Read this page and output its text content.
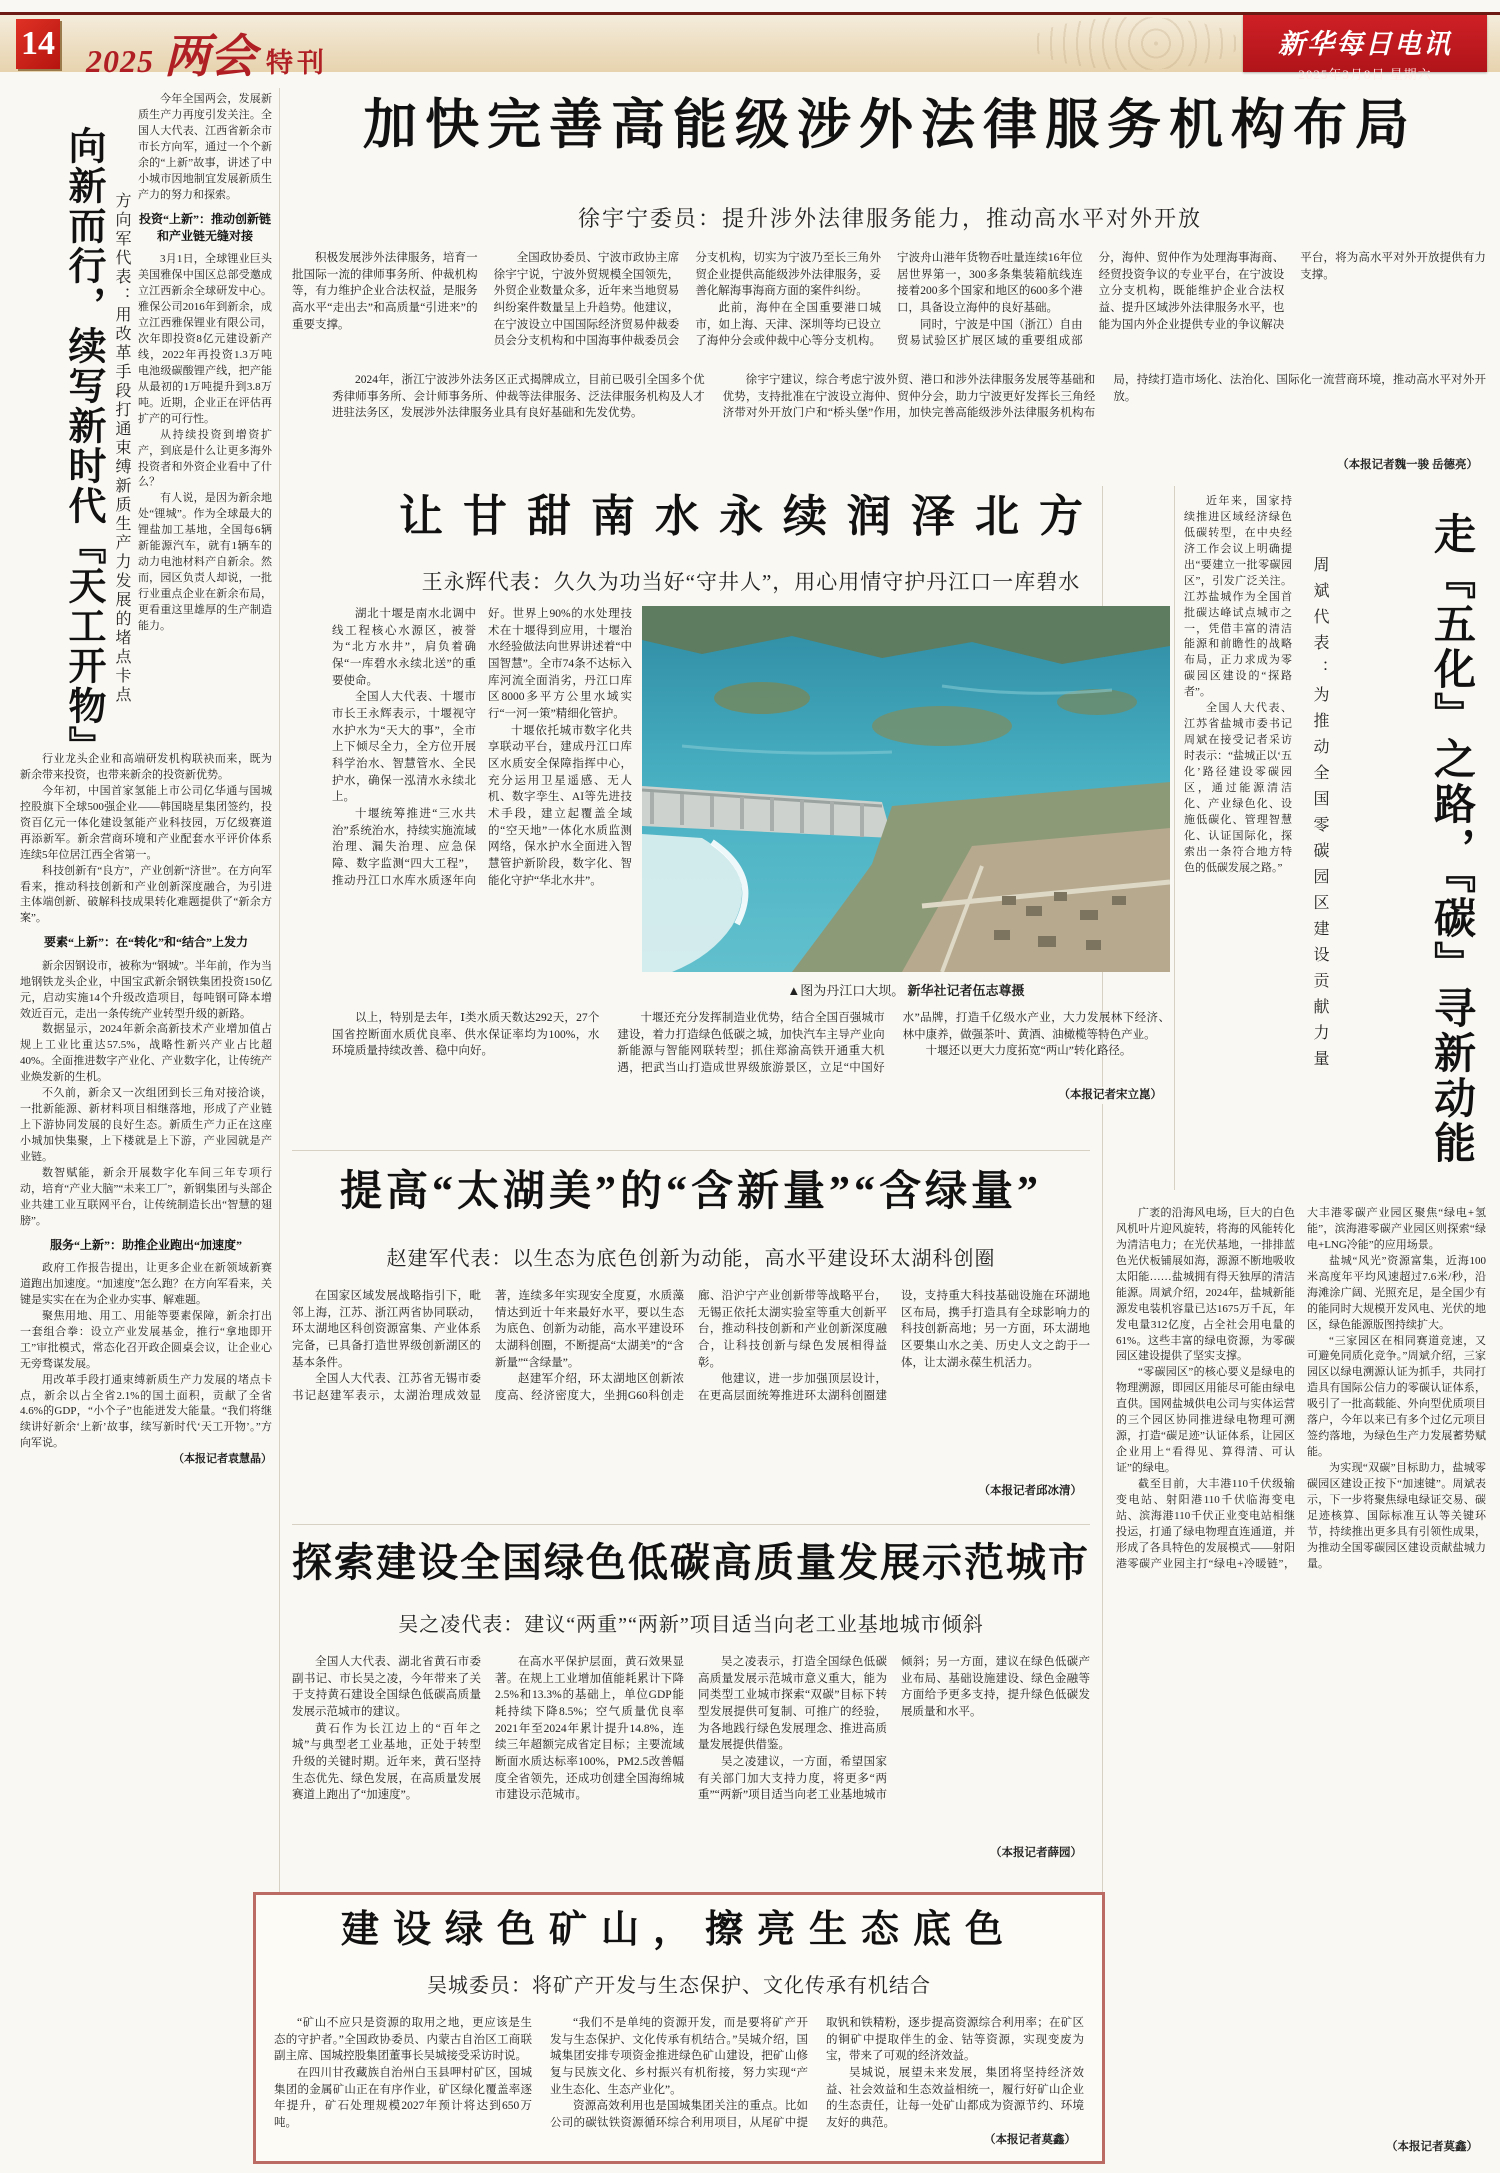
14 2025 两会 特刊
新华每日电讯
2025年3月8日 星期六
向新而行，续写新时代『天工开物』 方向军代表：用改革手段打通束缚新质生产力发展的堵点卡点

今年全国两会，发展新质生产力再度引发关注。全国人大代表、江西省新余市市长方向军，通过一个个新余的“上新”故事，讲述了中小城市因地制宜发展新质生产力的努力和探索。

投资“上新”：推动创新链和产业链无缝对接

3月1日，全球锂业巨头美国雅保中国区总部受邀成立江西新余全球研发中心。雅保公司2016年到新余，成立江西雅保锂业有限公司，次年即投资8亿元建设新产线，2022年再投资1.3万吨电池级碳酸锂产线，把产能从最初的1万吨提升到3.8万吨。近期，企业正在评估再扩产的可行性。

从持续投资到增资扩产，到底是什么让更多海外投资者和外资企业看中了什么？

有人说，是因为新余地处“锂城”。作为全球最大的锂盐加工基地，全国每6辆新能源汽车，就有1辆车的动力电池材料产自新余。然而，园区负责人却说，一批行业重点企业在新余布局，更看重这里雄厚的生产制造能力。

行业龙头企业和高端研发机构联袂而来，既为新余带来投资，也带来新余的投资新优势。

今年初，中国首家氢能上市公司亿华通与国城控股旗下全球500强企业——韩国晓星集团签约，投资百亿元一体化建设氢能产业科技园，万亿级赛道再添新军。新余营商环境和产业配套水平评价体系连续5年位居江西全省第一。

科技创新有“良方”，产业创新“济世”。在方向军看来，推动科技创新和产业创新深度融合，为引进主体端创新、破解科技成果转化难题提供了“新余方案”。

要素“上新”：在“转化”和“结合”上发力

新余因钢设市，被称为“钢城”。半年前，作为当地钢铁龙头企业，中国宝武新余钢铁集团投资150亿元，启动实施14个升级改造项目，每吨钢可降本增效近百元，走出一条传统产业转型升级的新路。

数据显示，2024年新余高新技术产业增加值占规上工业比重达57.5%，战略性新兴产业占比超40%。全面推进数字产业化、产业数字化，让传统产业焕发新的生机。

不久前，新余又一次组团到长三角对接洽谈，一批新能源、新材料项目相继落地，形成了产业链上下游协同发展的良好生态。新质生产力正在这座小城加快集聚，上下楼就是上下游，产业园就是产业链。

数智赋能，新余开展数字化车间三年专项行动，培育“产业大脑”“未来工厂”，新钢集团与头部企业共建工业互联网平台，让传统制造长出“智慧的翅膀”。

服务“上新”：助推企业跑出“加速度”

政府工作报告提出，让更多企业在新领域新赛道跑出加速度。“加速度”怎么跑？在方向军看来，关键是实实在在为企业办实事、解难题。

聚焦用地、用工、用能等要素保障，新余打出一套组合拳：设立产业发展基金，推行“拿地即开工”审批模式，常态化召开政企圆桌会议，让企业心无旁骛谋发展。

用改革手段打通束缚新质生产力发展的堵点卡点，新余以占全省2.1%的国土面积，贡献了全省4.6%的GDP，“小个子”也能迸发大能量。“我们将继续讲好新余‘上新’故事，续写新时代‘天工开物’。”方向军说。

（本报记者袁慧晶）

加快完善高能级涉外法律服务机构布局
徐宇宁委员：提升涉外法律服务能力，推动高水平对外开放

积极发展涉外法律服务，培育一批国际一流的律师事务所、仲裁机构等，有力维护企业合法权益，是服务高水平“走出去”和高质量“引进来”的重要支撑。

全国政协委员、宁波市政协主席徐宇宁说，宁波外贸规模全国领先，外贸企业数量众多，近年来当地贸易纠纷案件数量呈上升趋势。他建议，在宁波设立中国国际经济贸易仲裁委员会分支机构和中国海事仲裁委员会分支机构，切实为宁波乃至长三角外贸企业提供高能级涉外法律服务，妥善化解海事海商方面的案件纠纷。

此前，海仲在全国重要港口城市，如上海、天津、深圳等均已设立了海仲分会或仲裁中心等分支机构。宁波舟山港年货物吞吐量连续16年位居世界第一，300多条集装箱航线连接着200多个国家和地区的600多个港口，具备设立海仲的良好基础。

同时，宁波是中国（浙江）自由贸易试验区扩展区域的重要组成部分，海仲、贸仲作为处理海事海商、经贸投资争议的专业平台，在宁波设立分支机构，既能维护企业合法权益、提升区域涉外法律服务水平，也能为国内外企业提供专业的争议解决平台，将为高水平对外开放提供有力支撑。

2024年，浙江宁波涉外法务区正式揭牌成立，目前已吸引全国多个优秀律师事务所、会计师事务所、仲裁等法律服务、泛法律服务机构及人才进驻法务区，发展涉外法律服务业具有良好基础和先发优势。

徐宇宁建议，综合考虑宁波外贸、港口和涉外法律服务发展等基础和优势，支持批准在宁波设立海仲、贸仲分会，助力宁波更好发挥长三角经济带对外开放门户和“桥头堡”作用，加快完善高能级涉外法律服务机构布局，持续打造市场化、法治化、国际化一流营商环境，推动高水平对外开放。

（本报记者魏一骏 岳德亮）
让甘甜南水永续润泽北方
王永辉代表：久久为功当好“守井人”，用心用情守护丹江口一库碧水

湖北十堰是南水北调中线工程核心水源区，被誉为“北方水井”，肩负着确保“一库碧水永续北送”的重要使命。

全国人大代表、十堰市市长王永辉表示，十堰视守水护水为“天大的事”，全市上下倾尽全力，全方位开展科学治水、智慧管水、全民护水，确保一泓清水永续北上。

十堰统筹推进“三水共治”系统治水，持续实施流域治理、漏失治理、应急保障、数字监测“四大工程”，推动丹江口水库水质逐年向好。世界上90%的水处理技术在十堰得到应用，十堰治水经验做法向世界讲述着“中国智慧”。全市74条不达标入库河流全面消劣，丹江口库区8000多平方公里水域实行“一河一策”精细化管护。

十堰依托城市数字化共享联动平台，建成丹江口库区水质安全保障指挥中心，充分运用卫星遥感、无人机、数字孪生、AI等先进技术手段，建立起覆盖全域的“空天地”一体化水质监测网络，保水护水全面进入智慧管护新阶段，数字化、智能化守护“华北水井”。

▲图为丹江口大坝。 新华社记者伍志尊摄

以上，特别是去年，Ⅰ类水质天数达292天，27个国省控断面水质优良率、供水保证率均为100%，水环境质量持续改善、稳中向好。

十堰还充分发挥制造业优势，结合全国百强城市建设，着力打造绿色低碳之城，加快汽车主导产业向新能源与智能网联转型；抓住郑渝高铁开通重大机遇，把武当山打造成世界级旅游景区，立足“中国好水”品牌，打造千亿级水产业，大力发展林下经济、林中康养，做强茶叶、黄酒、油橄榄等特色产业。

十堰还以更大力度拓宽“两山”转化路径。

（本报记者宋立崑）
提高“太湖美”的“含新量”“含绿量”
赵建军代表：以生态为底色创新为动能，高水平建设环太湖科创圈

在国家区域发展战略指引下，毗邻上海，江苏、浙江两省协同联动，环太湖地区科创资源富集、产业体系完备，已具备打造世界级创新湖区的基本条件。

全国人大代表、江苏省无锡市委书记赵建军表示，太湖治理成效显著，连续多年实现安全度夏，水质藻情达到近十年来最好水平，要以生态为底色、创新为动能，高水平建设环太湖科创圈，不断提高“太湖美”的“含新量”“含绿量”。

赵建军介绍，环太湖地区创新浓度高、经济密度大，坐拥G60科创走廊、沿沪宁产业创新带等战略平台，无锡正依托太湖实验室等重大创新平台，推动科技创新和产业创新深度融合，让科技创新与绿色发展相得益彰。

他建议，进一步加强顶层设计，在更高层面统筹推进环太湖科创圈建设，支持重大科技基础设施在环湖地区布局，携手打造具有全球影响力的科技创新高地；另一方面，环太湖地区要集山水之美、历史人文之韵于一体，让太湖永葆生机活力。

（本报记者邱冰清）
探索建设全国绿色低碳高质量发展示范城市
吴之凌代表：建议“两重”“两新”项目适当向老工业基地城市倾斜

全国人大代表、湖北省黄石市委副书记、市长吴之凌，今年带来了关于支持黄石建设全国绿色低碳高质量发展示范城市的建议。

黄石作为长江边上的“百年之城”与典型老工业基地，正处于转型升级的关键时期。近年来，黄石坚持生态优先、绿色发展，在高质量发展赛道上跑出了“加速度”。

在高水平保护层面，黄石效果显著。在规上工业增加值能耗累计下降2.5%和13.3%的基础上，单位GDP能耗持续下降8.5%；空气质量优良率2021年至2024年累计提升14.8%，连续三年超额完成省定目标；主要流域断面水质达标率100%，PM2.5改善幅度全省领先，还成功创建全国海绵城市建设示范城市。

吴之凌表示，打造全国绿色低碳高质量发展示范城市意义重大，能为同类型工业城市探索“双碳”目标下转型发展提供可复制、可推广的经验，为各地践行绿色发展理念、推进高质量发展提供借鉴。

吴之凌建议，一方面，希望国家有关部门加大支持力度，将更多“两重”“两新”项目适当向老工业基地城市倾斜；另一方面，建议在绿色低碳产业布局、基础设施建设、绿色金融等方面给予更多支持，提升绿色低碳发展质量和水平。

（本报记者薛园）
建设绿色矿山，擦亮生态底色
吴城委员：将矿产开发与生态保护、文化传承有机结合

“矿山不应只是资源的取用之地，更应该是生态的守护者。”全国政协委员、内蒙古自治区工商联副主席、国城控股集团董事长吴城接受采访时说。

在四川甘孜藏族自治州白玉县呷村矿区，国城集团的金属矿山正在有序作业，矿区绿化覆盖率逐年提升，矿石处理规模2027年预计将达到650万吨。

“我们不是单纯的资源开发，而是要将矿产开发与生态保护、文化传承有机结合。”吴城介绍，国城集团安排专项资金推进绿色矿山建设，把矿山修复与民族文化、乡村振兴有机衔接，努力实现“产业生态化、生态产业化”。

资源高效利用也是国城集团关注的重点。比如公司的碳钛铁资源循环综合利用项目，从尾矿中提取钒和铁精粉，逐步提高资源综合利用率；在矿区的铜矿中提取伴生的金、钴等资源，实现变废为宝，带来了可观的经济效益。

吴城说，展望未来发展，集团将坚持经济效益、社会效益和生态效益相统一，履行好矿山企业的生态责任，让每一处矿山都成为资源节约、环境友好的典范。

（本报记者莫鑫）

近年来，国家持续推进区域经济绿色低碳转型，在中央经济工作会议上明确提出“要建立一批零碳园区”，引发广泛关注。江苏盐城作为全国首批碳达峰试点城市之一，凭借丰富的清洁能源和前瞻性的战略布局，正力求成为零碳园区建设的“探路者”。

全国人大代表、江苏省盐城市委书记周斌在接受记者采访时表示：“盐城正以‘五化’路径建设零碳园区，通过能源清洁化、产业绿色化、设施低碳化、管理智慧化、认证国际化，探索出一条符合地方特色的低碳发展之路。”	周斌代表：为推动全国零碳园区建设贡献力量	走『五化』之路，『碳』寻新动能

广袤的沿海风电场，巨大的白色风机叶片迎风旋转，将海的风能转化为清洁电力；在光伏基地，一排排蓝色光伏板铺展如海，源源不断地吸收太阳能……盐城拥有得天独厚的清洁能源。周斌介绍，2024年，盐城新能源发电装机容量已达1675万千瓦，年发电量312亿度，占全社会用电量的61%。这些丰富的绿电资源，为零碳园区建设提供了坚实支撑。

“零碳园区”的核心要义是绿电的物理溯源，即园区用能尽可能由绿电直供。国网盐城供电公司与实体运营的三个园区协同推进绿电物理可溯源，打造“碳足迹”认证体系，让园区企业用上“看得见、算得清、可认证”的绿电。

截至目前，大丰港110千伏级输变电站、射阳港110千伏临海变电站、滨海港110千伏正业变电站相继投运，打通了绿电物理直连通道，并形成了各具特色的发展模式——射阳港零碳产业园主打“绿电+冷暖链”，大丰港零碳产业园区聚焦“绿电+氢能”，滨海港零碳产业园区则探索“绿电+LNG冷能”的应用场景。

盐城“风光”资源富集，近海100米高度年平均风速超过7.6米/秒，沿海滩涂广阔、光照充足，是全国少有的能同时大规模开发风电、光伏的地区，绿色能源版图持续扩大。

“三家园区在相同赛道竞速，又可避免同质化竞争。”周斌介绍，三家园区以绿电溯源认证为抓手，共同打造具有国际公信力的零碳认证体系，吸引了一批高载能、外向型优质项目落户，今年以来已有多个过亿元项目签约落地，为绿色生产力发展蓄势赋能。

为实现“双碳”目标助力，盐城零碳园区建设正按下“加速键”。周斌表示，下一步将聚焦绿电绿证交易、碳足迹核算、国际标准互认等关键环节，持续推出更多具有引领性成果，为推动全国零碳园区建设贡献盐城力量。

（本报记者莫鑫）
